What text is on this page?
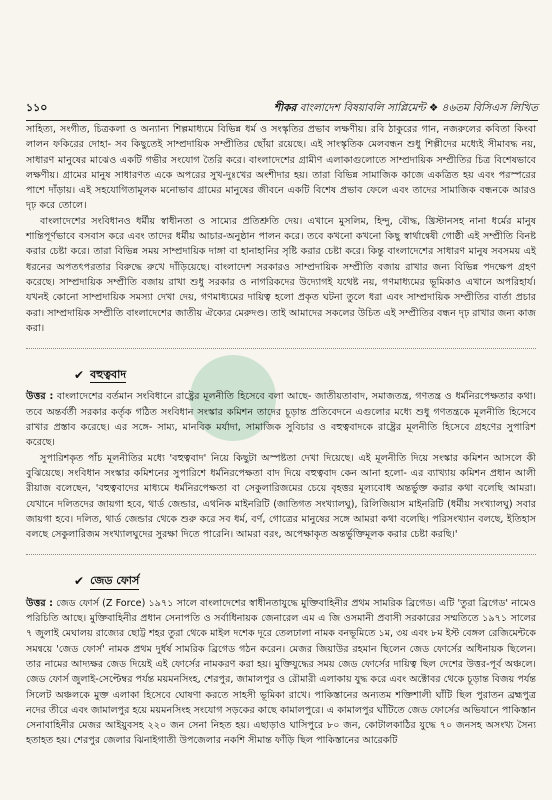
১১০	শীকর বাংলাদেশ বিষয়াবলি সাপ্লিমেন্ট ❖ ৪৬তম বিসিএস লিখিত

সাহিত্য, সংগীত, চিত্রকলা ও অন্যান্য শিল্পমাধ্যমে বিভিন্ন ধর্ম ও সংস্কৃতির প্রভাব লক্ষণীয়। রবি ঠাকুরের গান, নজরুলের কবিতা কিংবা লালন ফকিরের দোহা- সব কিছুতেই সাম্প্রদায়িক সম্প্রীতির ছোঁয়া রয়েছে। এই সাংস্কৃতিক মেলবন্ধন শুধু শিল্পীদের মধ্যেই সীমাবদ্ধ নয়, সাধারণ মানুষের মাঝেও একটি গভীর সংযোগ তৈরি করে। বাংলাদেশের গ্রামীণ এলাকাগুলোতে সাম্প্রদায়িক সম্প্রীতির চিত্র বিশেষভাবে লক্ষণীয়। গ্রামের মানুষ সাধারণত একে অপরের সুখ-দুঃখের অংশীদার হয়। তারা বিভিন্ন সামাজিক কাজে একত্রিত হয় এবং পরস্পরের পাশে দাঁড়ায়। এই সহযোগিতামূলক মনোভাব গ্রামের মানুষের জীবনে একটি বিশেষ প্রভাব ফেলে এবং তাদের সামাজিক বন্ধনকে আরও দৃঢ় করে তোলে।

বাংলাদেশের সংবিধানও ধর্মীয় স্বাধীনতা ও সাম্যের প্রতিশ্রুতি দেয়। এখানে মুসলিম, হিন্দু, বৌদ্ধ, খ্রিস্টানসহ নানা ধর্মের মানুষ শান্তিপূর্ণভাবে বসবাস করে এবং তাদের ধর্মীয় আচার-অনুষ্ঠান পালন করে। তবে কখনো কখনো কিছু স্বার্থান্বেষী গোষ্ঠী এই সম্প্রীতি বিনষ্ট করার চেষ্টা করে। তারা বিভিন্ন সময় সাম্প্রদায়িক দাঙ্গা বা হানাহানির সৃষ্টি করার চেষ্টা করে। কিন্তু বাংলাদেশের সাধারণ মানুষ সবসময় এই ধরনের অপতৎপরতার বিরুদ্ধে রুখে দাঁড়িয়েছে। বাংলাদেশ সরকারও সাম্প্রদায়িক সম্প্রীতি বজায় রাখার জন্য বিভিন্ন পদক্ষেপ গ্রহণ করেছে। সাম্প্রদায়িক সম্প্রীতি বজায় রাখা শুধু সরকার ও নাগরিকদের উদ্যোগই যথেষ্ট নয়, গণমাধ্যমের ভূমিকাও এখানে অপরিহার্য। যখনই কোনো সাম্প্রদায়িক সমস্যা দেখা দেয়, গণমাধ্যমের দায়িত্ব হলো প্রকৃত ঘটনা তুলে ধরা এবং সাম্প্রদায়িক সম্প্রীতির বার্তা প্রচার করা। সাম্প্রদায়িক সম্প্রীতি বাংলাদেশের জাতীয় ঐক্যের মেরুদণ্ড। তাই আমাদের সকলের উচিত এই সম্প্রীতির বন্ধন দৃঢ় রাখার জন্য কাজ করা।

✔ বহুত্ববাদ

উত্তর : বাংলাদেশের বর্তমান সংবিধানে রাষ্ট্রের মূলনীতি হিসেবে বলা আছে- জাতীয়তাবাদ, সমাজতন্ত্র, গণতন্ত্র ও ধর্মনিরপেক্ষতার কথা। তবে অন্তর্বর্তী সরকার কর্তৃক গঠিত সংবিধান সংস্কার কমিশন তাদের চূড়ান্ত প্রতিবেদনে এগুলোর মধ্যে শুধু গণতন্ত্রকে মূলনীতি হিসেবে রাখার প্রস্তাব করেছে। এর সঙ্গে- সাম্য, মানবিক মর্যাদা, সামাজিক সুবিচার ও বহুত্ববাদকে রাষ্ট্রের মূলনীতি হিসেবে গ্রহণের সুপারিশ করেছে।

সুপারিশকৃত পাঁচ মূলনীতির মধ্যে 'বহুত্ববাদ' নিয়ে কিছুটা অস্পষ্টতা দেখা দিয়েছে। এই মূলনীতি দিয়ে সংস্কার কমিশন আসলে কী বুঝিয়েছে। সংবিধান সংস্কার কমিশনের সুপারিশে ধর্মনিরপেক্ষতা বাদ দিয়ে বহুত্ববাদ কেন আনা হলো- এর ব্যাখ্যায় কমিশন প্রধান আলী রীয়াজ বলেছেন, 'বহুত্ববাদের মাধ্যমে ধর্মনিরপেক্ষতা বা সেকুলারিজমের চেয়ে বৃহত্তর মূল্যবোধ অন্তর্ভুক্ত করার কথা বলেছি আমরা। যেখানে দলিতদের জায়গা হবে, থার্ড জেন্ডার, এথনিক মাইনরিটি (জাতিগত সংখ্যালঘু), রিলিজিয়াস মাইনরিটি (ধর্মীয় সংখ্যালঘু) সবার জায়গা হবে। দলিত, থার্ড জেন্ডার থেকে শুরু করে সব ধর্ম, বর্ণ, গোত্রের মানুষের সঙ্গে আমরা কথা বলেছি। পরিসংখ্যান বলছে, ইতিহাস বলছে সেকুলারিজম সংখ্যালঘুদের সুরক্ষা দিতে পারেনি। আমরা বরং, অপেক্ষাকৃত অন্তর্ভুক্তিমূলক করার চেষ্টা করছি।'

✔ জেড ফোর্স

উত্তর : জেড ফোর্স (Z Force) ১৯৭১ সালে বাংলাদেশের স্বাধীনতাযুদ্ধে মুক্তিবাহিনীর প্রথম সামরিক ব্রিগেড। এটি 'তুরা ব্রিগেড' নামেও পরিচিতি আছে। মুক্তিবাহিনীর প্রধান সেনাপতি ও সর্বাধিনায়ক জেনারেল এম এ জি ওসমানী প্রবাসী সরকারের সম্মতিতে ১৯৭১ সালের ৭ জুলাই মেঘালয় রাজ্যের ছোট্ট শহর তুরা থেকে মাইল দশেক দূরে তেলঢালা নামক বনভূমিতে ১ম, ৩য় এবং ৮ম ইস্ট বেঙ্গল রেজিমেন্টকে সমন্বয়ে 'জেড ফোর্স' নামক প্রথম দুর্ধর্ষ সামরিক ব্রিগেড গঠন করেন। মেজর জিয়াউর রহমান ছিলেন জেড ফোর্সের অধিনায়ক ছিলেন। তার নামের আদ্যক্ষর জেড দিয়েই এই ফোর্সের নামকরণ করা হয়। মুক্তিযুদ্ধের সময় জেড ফোর্সের দায়িত্ব ছিল দেশের উত্তর-পূর্ব অঞ্চলে। জেড ফোর্স জুলাই-সেপ্টেম্বর পর্যন্ত ময়মনসিংহ, শেরপুর, জামালপুর ও রৌমারী এলাকায় যুদ্ধ করে এবং অক্টোবর থেকে চূড়ান্ত বিজয় পর্যন্ত সিলেট অঞ্চলকে মুক্ত এলাকা হিসেবে ঘোষণা করতে সাহসী ভূমিকা রাখে। পাকিস্তানের অন্যতম শক্তিশালী ঘাঁটি ছিল পুরাতন ব্রহ্মপুত্র নদের তীরে এবং জামালপুর হয়ে ময়মনসিংহ সংযোগ সড়কের কাছে কামালপুরে। এ কামালপুর ঘাঁটিতে জেড ফোর্সের অভিযানে পাকিস্তান সেনাবাহিনীর মেজর আইয়ুবসহ ২২০ জন সেনা নিহত হয়। এছাড়াও ঘাসিপুরে ৮০ জন, কোটালকাঠির যুদ্ধে ৭০ জনসহ অসংখ্য সৈন্য হতাহত হয়। শেরপুর জেলার ঝিনাইগাতী উপজেলার নকশি সীমান্ত ফাঁড়ি ছিল পাকিস্তানের আরেকটি
